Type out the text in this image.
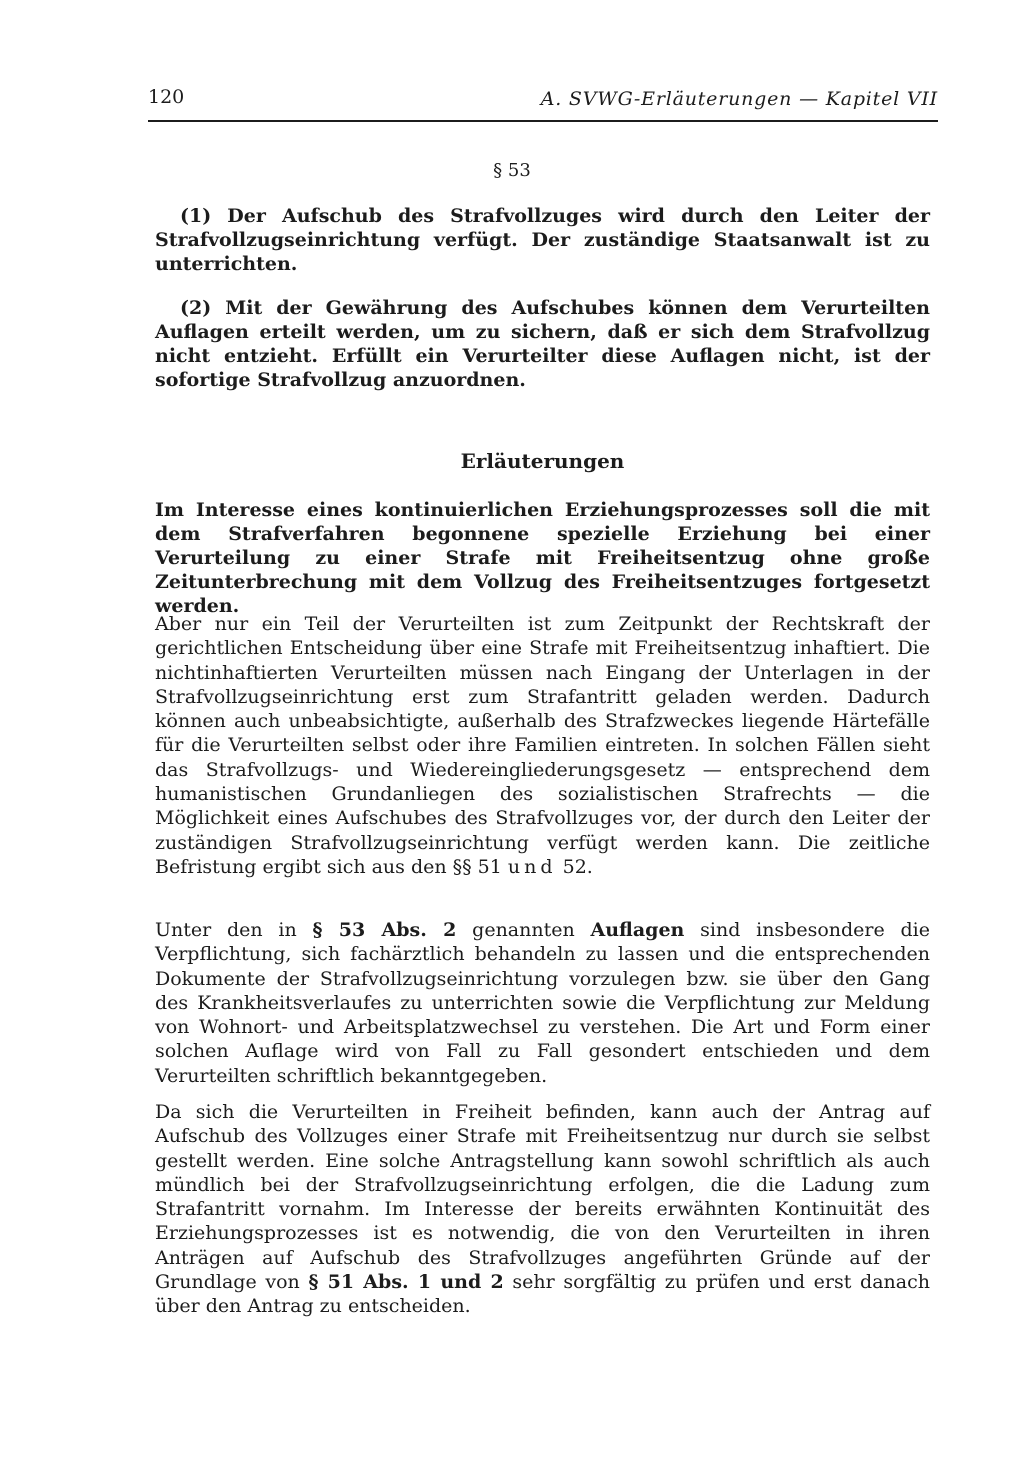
120	A. SVWG-Erläuterungen — Kapitel VII
§ 53

(1) Der Aufschub des Strafvollzuges wird durch den Leiter der Strafvollzugseinrichtung verfügt. Der zuständige Staatsanwalt ist zu unterrichten.

(2) Mit der Gewährung des Aufschubes können dem Verurteilten Auflagen erteilt werden, um zu sichern, daß er sich dem Strafvollzug nicht entzieht. Erfüllt ein Verurteilter diese Auflagen nicht, ist der sofortige Strafvollzug anzuordnen.

Erläuterungen

Im Interesse eines kontinuierlichen Erziehungsprozesses soll die mit dem Strafverfahren begonnene spezielle Erziehung bei einer Verurteilung zu einer Strafe mit Freiheitsentzug ohne große Zeitunterbrechung mit dem Vollzug des Freiheitsentzuges fortgesetzt werden.

Aber nur ein Teil der Verurteilten ist zum Zeitpunkt der Rechtskraft der gerichtlichen Entscheidung über eine Strafe mit Freiheitsentzug inhaftiert. Die nichtinhaftierten Verurteilten müssen nach Eingang der Unterlagen in der Strafvollzugseinrichtung erst zum Strafantritt geladen werden. Dadurch können auch unbeabsichtigte, außerhalb des Strafzweckes liegende Härtefälle für die Verurteilten selbst oder ihre Familien eintreten. In solchen Fällen sieht das Strafvollzugs- und Wiedereingliederungsgesetz — entsprechend dem humanistischen Grundanliegen des sozialistischen Strafrechts — die Möglichkeit eines Aufschubes des Strafvollzuges vor, der durch den Leiter der zuständigen Strafvollzugseinrichtung verfügt werden kann. Die zeitliche Befristung ergibt sich aus den §§ 51 und 52.

Unter den in § 53 Abs. 2 genannten Auflagen sind insbesondere die Verpflichtung, sich fachärztlich behandeln zu lassen und die entsprechenden Dokumente der Strafvollzugseinrichtung vorzulegen bzw. sie über den Gang des Krankheitsverlaufes zu unterrichten sowie die Verpflichtung zur Meldung von Wohnort- und Arbeitsplatzwechsel zu verstehen. Die Art und Form einer solchen Auflage wird von Fall zu Fall gesondert entschieden und dem Verurteilten schriftlich bekanntgegeben.

Da sich die Verurteilten in Freiheit befinden, kann auch der Antrag auf Aufschub des Vollzuges einer Strafe mit Freiheitsentzug nur durch sie selbst gestellt werden. Eine solche Antragstellung kann sowohl schriftlich als auch mündlich bei der Strafvollzugseinrichtung erfolgen, die die Ladung zum Strafantritt vornahm. Im Interesse der bereits erwähnten Kontinuität des Erziehungsprozesses ist es notwendig, die von den Verurteilten in ihren Anträgen auf Aufschub des Strafvollzuges angeführten Gründe auf der Grundlage von § 51 Abs. 1 und 2 sehr sorgfältig zu prüfen und erst danach über den Antrag zu entscheiden.
